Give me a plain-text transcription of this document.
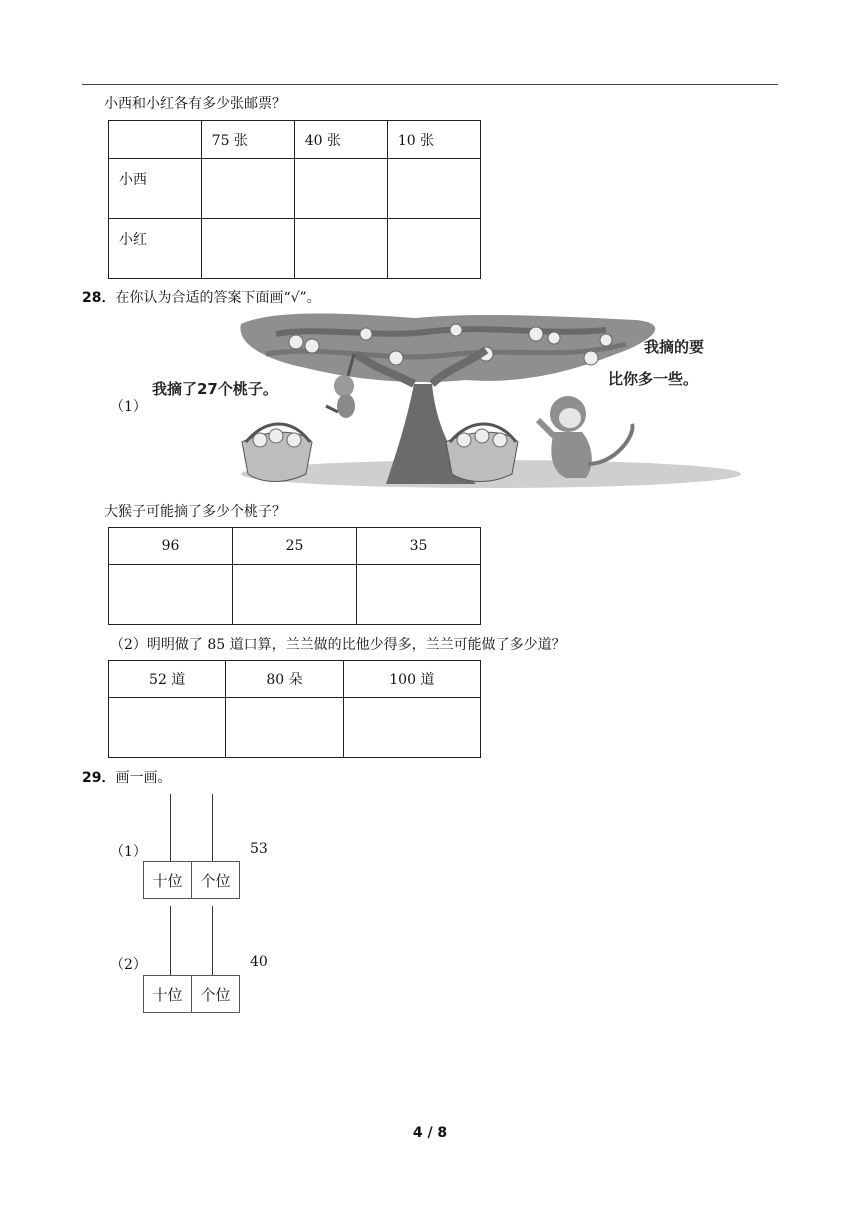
小西和小红各有多少张邮票？
	75 张	40 张	10 张
小西			
小红			
28．在你认为合适的答案下面画“√”。
（1）
我摘了27个桃子。
我摘的要
比你多一些。
大猴子可能摘了多少个桃子？
96	25	35

（2）明明做了 85 道口算，兰兰做的比他少得多，兰兰可能做了多少道？
52 道	80 朵	100 道

29．画一画。
（1）	53
十位	个位
（2）	40
十位	个位
4 / 8
